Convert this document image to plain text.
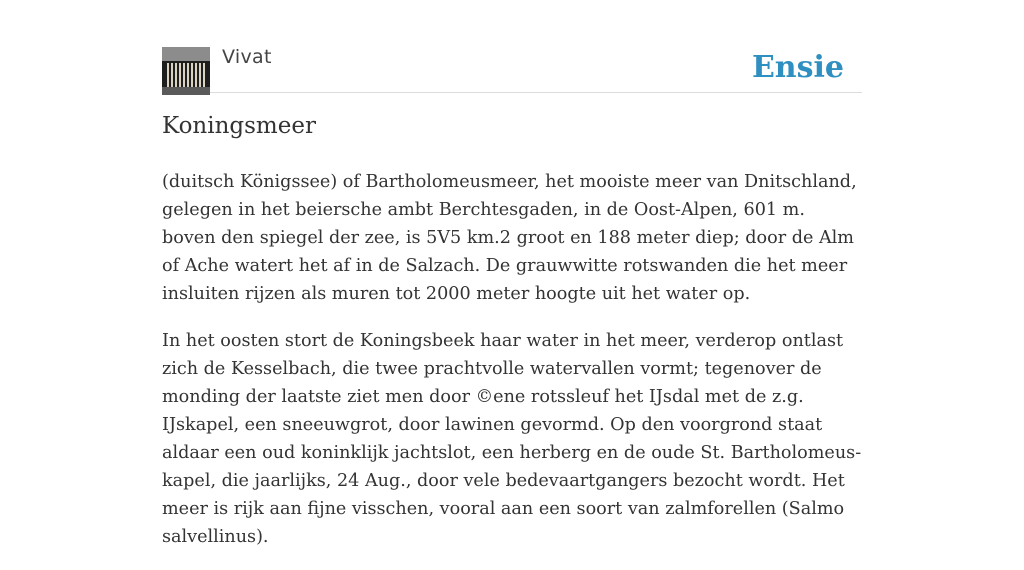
Vivat	Ensie
Koningsmeer

(duitsch Königssee) of Bartholomeusmeer, het mooiste meer van Dnitschland, gelegen in het beiersche ambt Berchtesgaden, in de Oost-Alpen, 601 m. boven den spiegel der zee, is 5V5 km.2 groot en 188 meter diep; door de Alm of Ache watert het af in de Salzach. De grauwwitte rotswanden die het meer insluiten rijzen als muren tot 2000 meter hoogte uit het water op.

In het oosten stort de Koningsbeek haar water in het meer, verderop ontlast zich de Kesselbach, die twee prachtvolle watervallen vormt; tegenover de monding der laatste ziet men door ©ene rotssleuf het IJsdal met de z.g. IJskapel, een sneeuwgrot, door lawinen gevormd. Op den voorgrond staat aldaar een oud koninklijk jachtslot, een herberg en de oude St. Bartholomeus-kapel, die jaarlijks, 24 Aug., door vele bedevaartgangers bezocht wordt. Het meer is rijk aan fijne visschen, vooral aan een soort van zalmforellen (Salmo salvellinus).
